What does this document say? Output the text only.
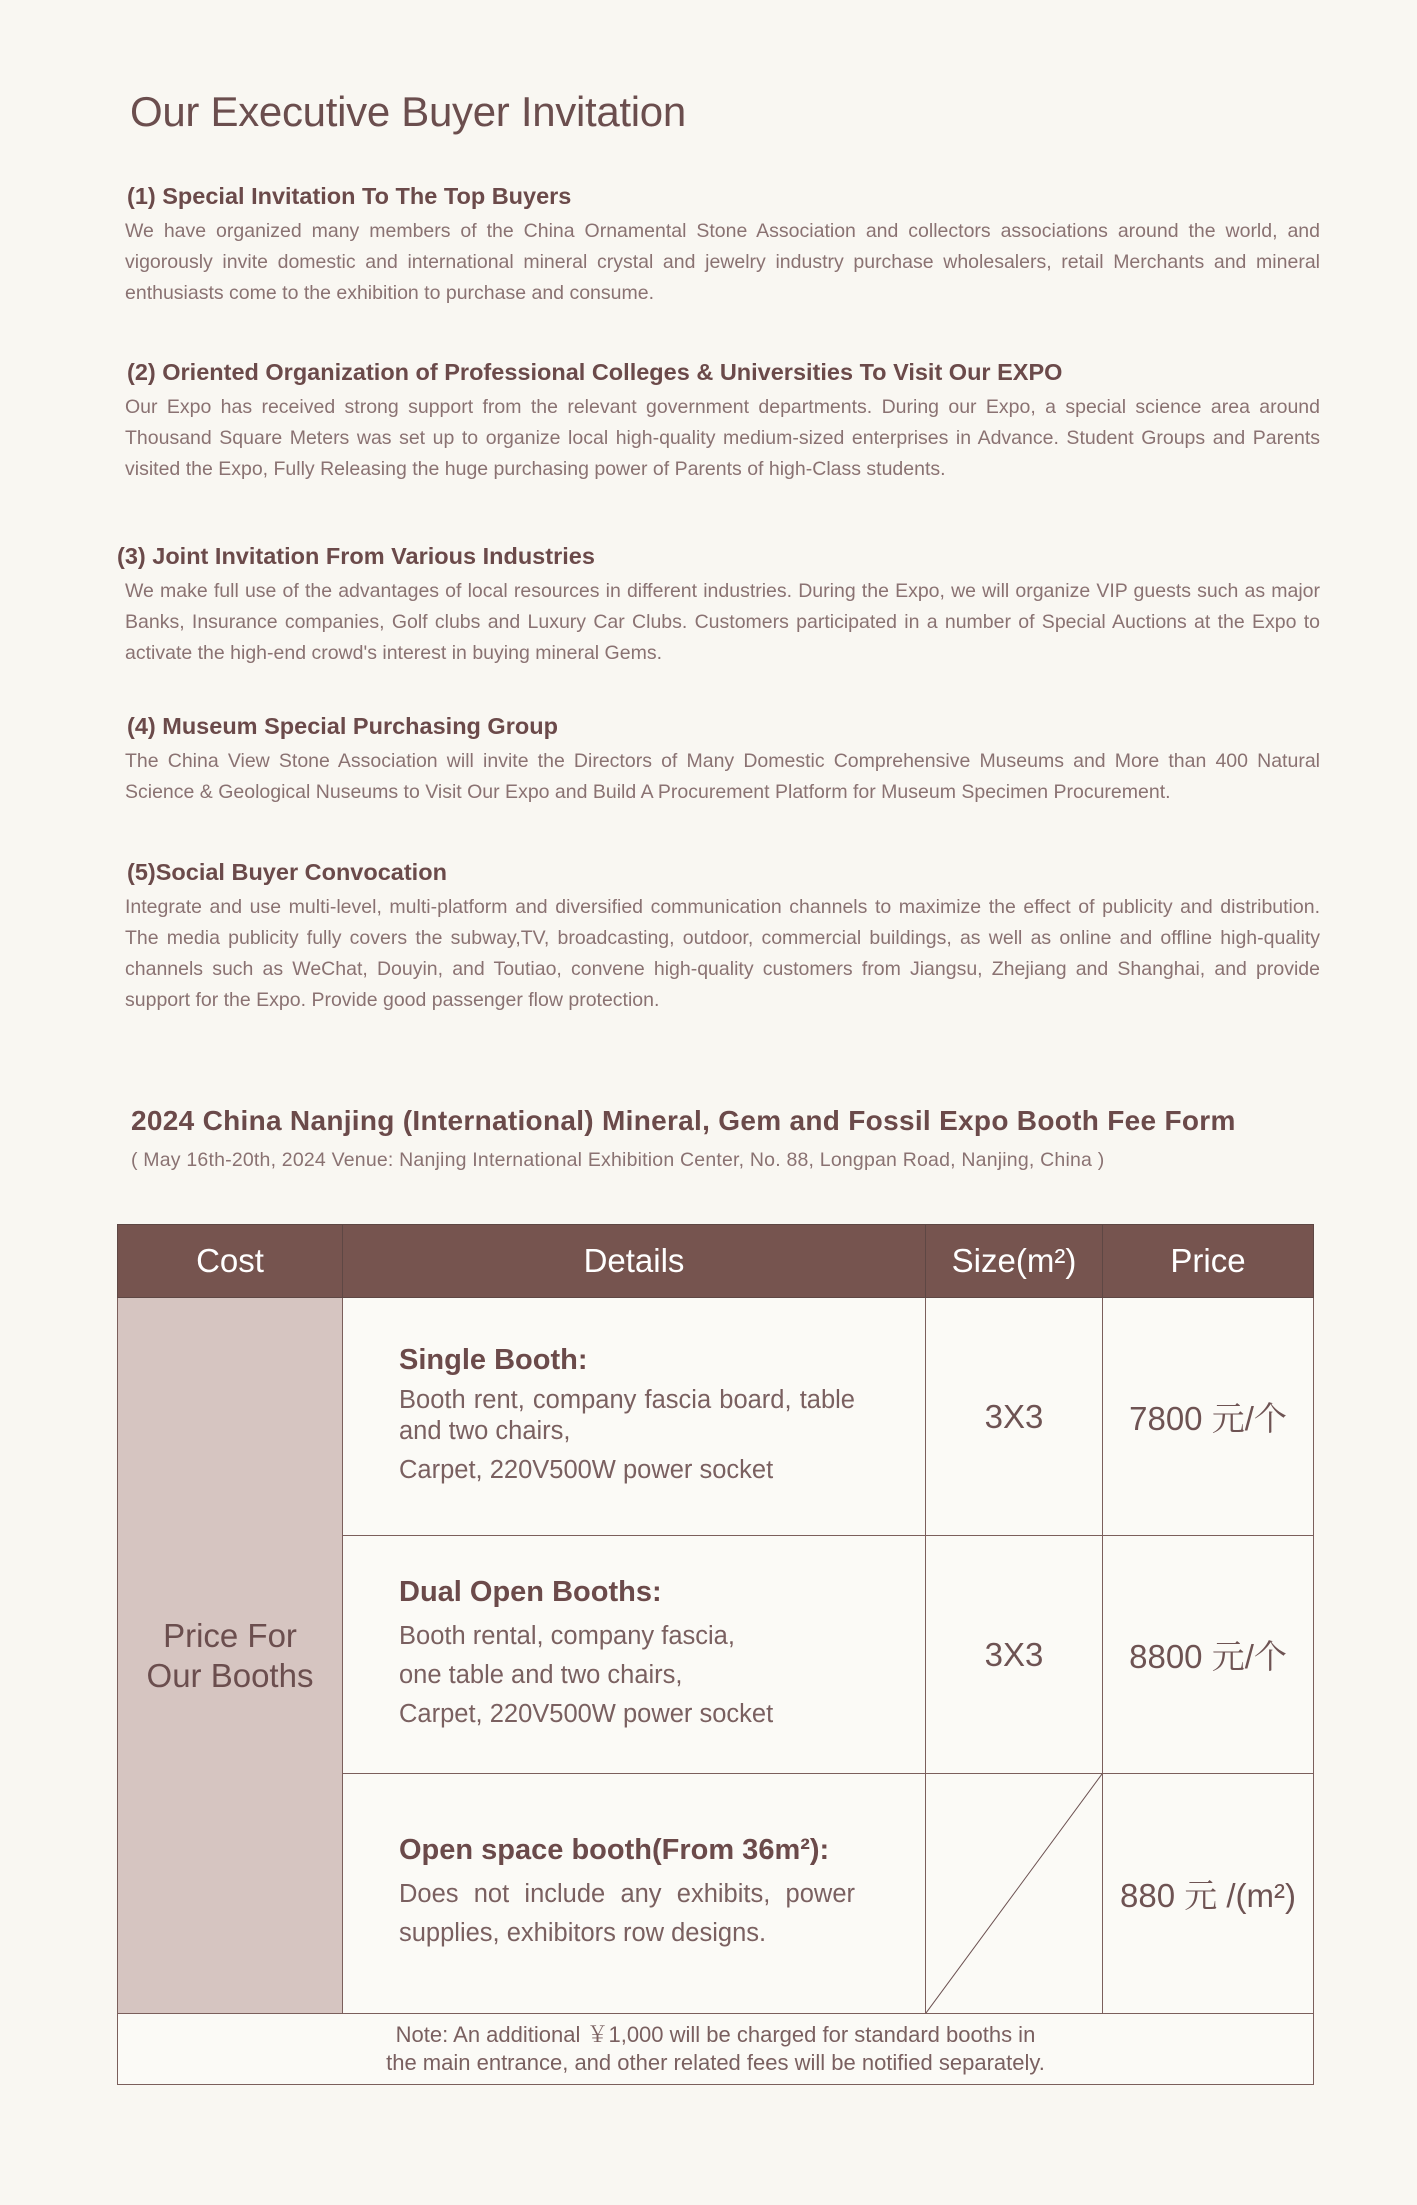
Our Executive Buyer Invitation

(1) Special Invitation To The Top Buyers

We have organized many members of the China Ornamental Stone Association and collectors associations around the world, and vigorously invite domestic and international mineral crystal and jewelry industry purchase wholesalers, retail Merchants and mineral enthusiasts come to the exhibition to purchase and consume.

(2) Oriented Organization of Professional Colleges & Universities To Visit Our EXPO

Our Expo has received strong support from the relevant government departments. During our Expo, a special science area around Thousand Square Meters was set up to organize local high-quality medium-sized enterprises in Advance. Student Groups and Parents visited the Expo, Fully Releasing the huge purchasing power of Parents of high-Class students.

(3) Joint Invitation From Various Industries

We make full use of the advantages of local resources in different industries. During the Expo, we will organize VIP guests such as major Banks, Insurance companies, Golf clubs and Luxury Car Clubs. Customers participated in a number of Special Auctions at the Expo to activate the high-end crowd's interest in buying mineral Gems.

(4) Museum Special Purchasing Group

The China View Stone Association will invite the Directors of Many Domestic Comprehensive Museums and More than 400 Natural Science & Geological Nuseums to Visit Our Expo and Build A Procurement Platform for Museum Specimen Procurement.

(5)Social Buyer Convocation

Integrate and use multi-level, multi-platform and diversified communication channels to maximize the effect of publicity and distribution. The media publicity fully covers the subway,TV, broadcasting, outdoor, commercial buildings, as well as online and offline high-quality channels such as WeChat, Douyin, and Toutiao, convene high-quality customers from Jiangsu, Zhejiang and Shanghai, and provide support for the Expo. Provide good passenger flow protection.

2024 China Nanjing (International) Mineral, Gem and Fossil Expo Booth Fee Form
( May 16th-20th, 2024 Venue: Nanjing International Exhibition Center, No. 88, Longpan Road, Nanjing, China )
Cost	Details	Size(m²)	Price

Price For Our Booths	Single Booth:
Booth rent, company fascia board, table and two chairs,
Carpet, 220V500W power socket	3X3	7800 元/个

	Dual Open Booths:
Booth rental, company fascia,
one table and two chairs,
Carpet, 220V500W power socket	3X3	8800 元/个

	Open space booth(From 36m²):
Does not include any exhibits, power supplies, exhibitors row designs.		880 元 /(m²)

Note: An additional ￥1,000 will be charged for standard booths in
the main entrance, and other related fees will be notified separately.			
